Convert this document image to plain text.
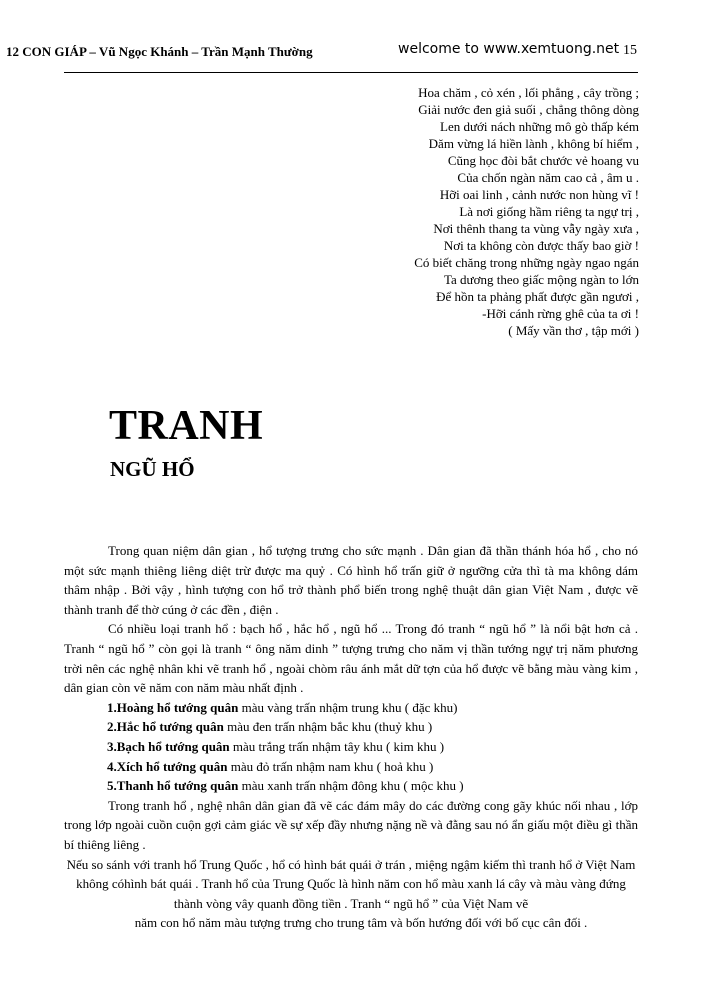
12 CON GIÁP – Vũ Ngọc Khánh – Trần Mạnh Thường	welcome to www.xemtuong.net 15
Hoa chăm , cỏ xén , lối phẳng , cây trồng ;
Giải nước đen giả suối , chẳng thông dòng
Len dưới nách những mô gò thấp kém
Dăm vừng lá hiền lành , không bí hiểm ,
Cũng học đòi bắt chước vẻ hoang vu
Của chốn ngàn năm cao cả , âm u .
Hỡi oai linh , cảnh nước non hùng vĩ !
Là nơi giống hầm riêng ta ngự trị ,
Nơi thênh thang ta vùng vẫy ngày xưa ,
Nơi ta không còn được thấy bao giờ !
Có biết chăng trong những ngày ngao ngán
Ta dương theo giấc mộng ngàn to lớn
Để hồn ta phảng phất được gần ngươi ,
-Hỡi cánh rừng ghê của ta ơi !
( Mấy vần thơ , tập mới )
TRANH
NGŨ HỔ

Trong quan niệm dân gian , hổ tượng trưng cho sức mạnh . Dân gian đã thần thánh hóa hổ , cho nó một sức mạnh thiêng liêng diệt trừ được ma quỷ . Có hình hổ trấn giữ ở ngưỡng cửa thì tà ma không dám thâm nhập . Bởi vậy , hình tượng con hổ trở thành phổ biến trong nghệ thuật dân gian Việt Nam , được vẽ thành tranh để thờ cúng ở các đền , điện .

Có nhiều loại tranh hổ : bạch hổ , hắc hổ , ngũ hổ ... Trong đó tranh “ ngũ hổ ” là nổi bật hơn cả . Tranh “ ngũ hổ ” còn gọi là tranh “ ông năm dinh ” tượng trưng cho năm vị thần tướng ngự trị năm phương trời nên các nghệ nhân khi vẽ tranh hổ , ngoài chòm râu ánh mắt dữ tợn của hổ được vẽ bằng màu vàng kim , dân gian còn vẽ năm con năm màu nhất định .

1.Hoàng hổ tướng quân màu vàng trấn nhậm trung khu ( đặc khu)
2.Hắc hổ tướng quân màu đen trấn nhậm bắc khu (thuỷ khu )
3.Bạch hổ tướng quân màu trắng trấn nhậm tây khu ( kim khu )
4.Xích hổ tướng quân màu đỏ trấn nhậm nam khu ( hoả khu )
5.Thanh hổ tướng quân màu xanh trấn nhậm đông khu ( mộc khu )

Trong tranh hổ , nghệ nhân dân gian đã vẽ các đám mây do các đường cong gãy khúc nối nhau , lớp trong lớp ngoài cuồn cuộn gợi cảm giác về sự xếp đầy nhưng nặng nề và đằng sau nó ẩn giấu một điều gì thần bí thiêng liêng .

Nếu so sánh với tranh hổ Trung Quốc , hổ có hình bát quái ở trán , miệng ngậm kiếm thì tranh hổ ở Việt Nam không cóhình bát quái . Tranh hổ của Trung Quốc là hình năm con hổ màu xanh lá cây và màu vàng đứng thành vòng vây quanh đồng tiền . Tranh “ ngũ hổ ” của Việt Nam vẽ

năm con hổ năm màu tượng trưng cho trung tâm và bốn hướng đối với bố cục cân đối .
